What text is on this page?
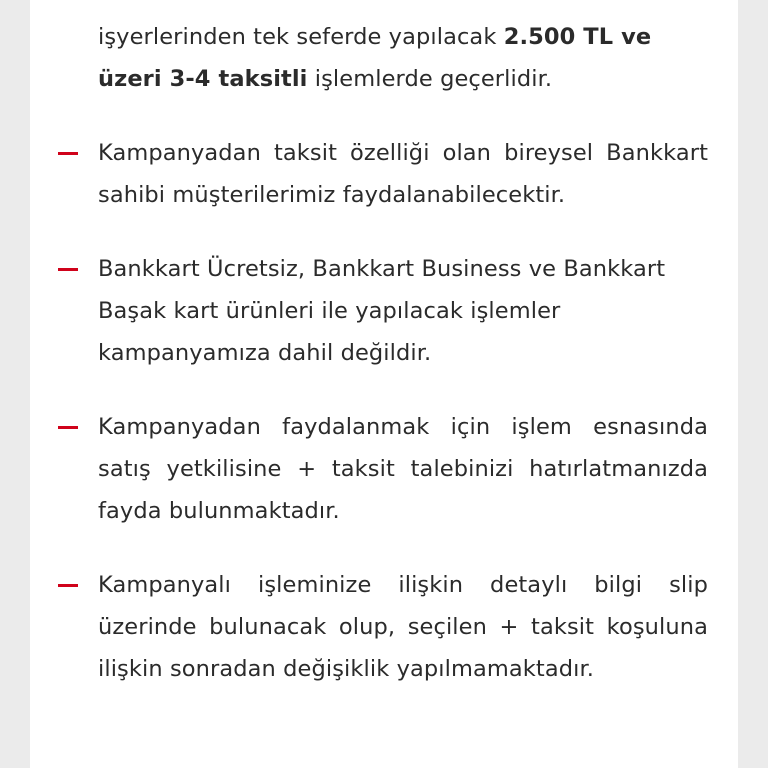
işyerlerinden tek seferde yapılacak 2.500 TL ve üzeri 3-4 taksitli işlemlerde geçerlidir.
Kampanyadan taksit özelliği olan bireysel Bankkart sahibi müşterilerimiz faydalanabilecektir.
Bankkart Ücretsiz, Bankkart Business ve Bankkart Başak kart ürünleri ile yapılacak işlemler kampanyamıza dahil değildir.
Kampanyadan faydalanmak için işlem esnasında satış yetkilisine + taksit talebinizi hatırlatmanızda fayda bulunmaktadır.
Kampanyalı işleminize ilişkin detaylı bilgi slip üzerinde bulunacak olup, seçilen + taksit koşuluna ilişkin sonradan değişiklik yapılmamaktadır.
